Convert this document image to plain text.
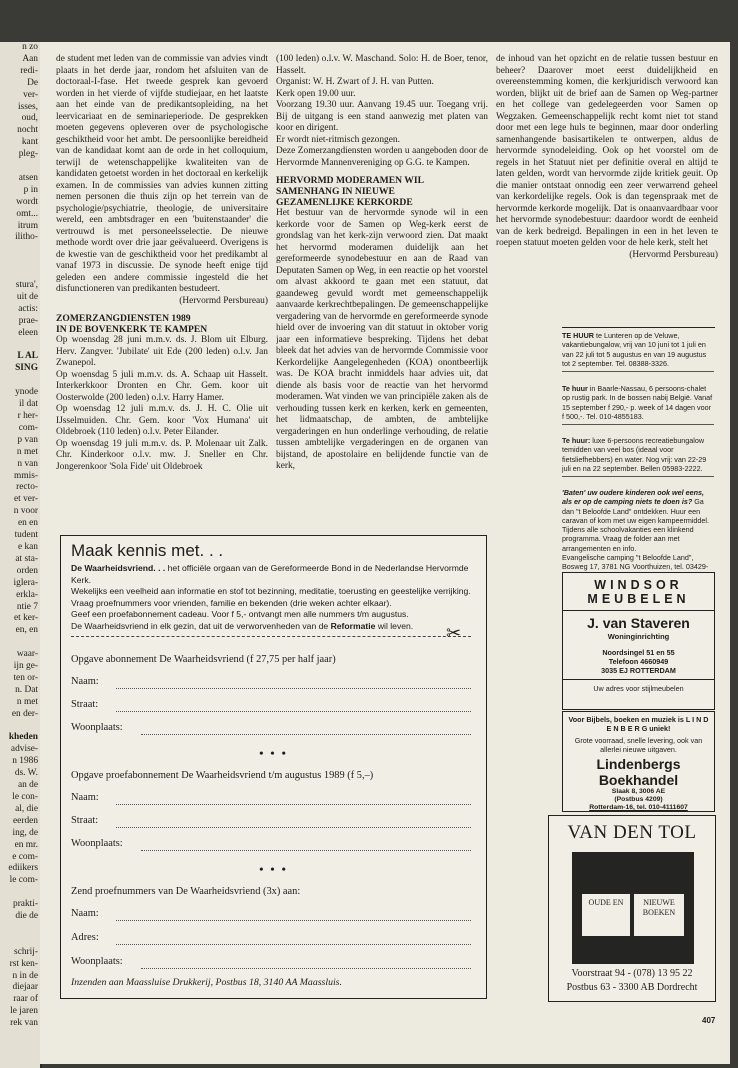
n zo
Aan
redi-
De
ver-
isses,
oud,
nocht
kant
pleg-
atsen
p in
wordt
omt...
itrum
ilitho-
stura',
uit de
actis:
prae-
eleen
L AL
SING
ynode
il dat
r her-
com-
p van
n met
n van
mmis-
recto-
et ver-
n voor
en en
tudent
e kan
at sta-
orden
iglera-
erkla-
ntie 7
et ker-
en, en
waar-
ijn ge-
ten or-
n. Dat
n met
en der-
kheden
advise-
n 1986
ds. W.
an de
le con-
al, die
eerden
ing, de
en mr.
e com-
ediikers
le com-
prakti-
die de
schrij-
rst ken-
n in de
diejaar
raar of
le jaren
rek van

de student met leden van de commissie van advies vindt plaats in het derde jaar, rondom het afsluiten van de doctoraal-I-fase. Het tweede gesprek kan gevoerd worden in het vierde of vijfde studiejaar, en het laatste aan het einde van de predikantsopleiding, na het leervicariaat en de seminarieperiode. De gesprekken moeten gegevens opleveren over de psychologische geschiktheid voor het ambt. De persoonlijke bereidheid van de kandidaat komt aan de orde in het colloquium, terwijl de wetenschappelijke kwaliteiten van de kandidaten getoetst worden in het doctoraal en kerkelijk examen. In de commissies van advies kunnen zitting nemen personen die thuis zijn op het terrein van de psychologie/psychiatrie, theologie, de universitaire wereld, een ambtsdrager en een 'buitenstaander' die vertrouwd is met personeelsselectie. De nieuwe methode wordt over drie jaar geëvalueerd. Overigens is de kwestie van de geschiktheid voor het predikambt al vanaf 1973 in discussie. De synode heeft enige tijd geleden een andere commissie ingesteld die het disfunctioneren van predikanten bestudeert.

(Hervormd Persbureau)

ZOMERZANGDIENSTEN 1989
IN DE BOVENKERK TE KAMPEN

Op woensdag 28 juni m.m.v. ds. J. Blom uit Elburg. Herv. Zangver. 'Jubilate' uit Ede (200 leden) o.l.v. Jan Zwanepol.

Op woensdag 5 juli m.m.v. ds. A. Schaap uit Hasselt. Interkerkkoor Dronten en Chr. Gem. koor uit Oosterwolde (200 leden) o.l.v. Harry Hamer.

Op woensdag 12 juli m.m.v. ds. J. H. C. Olie uit IJsselmuiden. Chr. Gem. koor 'Vox Humana' uit Oldebroek (110 leden) o.l.v. Peter Eilander.

Op woensdag 19 juli m.m.v. ds. P. Molenaar uit Zalk. Chr. Kinderkoor o.l.v. mw. J. Sneller en Chr. Jongerenkoor 'Sola Fide' uit Oldebroek

(100 leden) o.l.v. W. Maschand. Solo: H. de Boer, tenor, Hasselt.

Organist: W. H. Zwart of J. H. van Putten.

Kerk open 19.00 uur.

Voorzang 19.30 uur. Aanvang 19.45 uur. Toegang vrij. Bij de uitgang is een stand aanwezig met platen van koor en dirigent.

Er wordt niet-ritmisch gezongen.

Deze Zomerzangdiensten worden u aangeboden door de Hervormde Mannenvereniging op G.G. te Kampen.

HERVORMD MODERAMEN WIL
SAMENHANG IN NIEUWE
GEZAMENLIJKE KERKORDE

Het bestuur van de hervormde synode wil in een kerkorde voor de Samen op Weg-kerk eerst de grondslag van het kerk-zijn verwoord zien. Dat maakt het hervormd moderamen duidelijk aan het gereformeerde synodebestuur en aan de Raad van Deputaten Samen op Weg, in een reactie op het voorstel om alvast akkoord te gaan met een statuut, dat gaandeweg gevuld wordt met gemeenschappelijk aanvaarde kerkrechtbepalingen. De gemeenschappelijke vergadering van de hervormde en gereformeerde synode hield over de invoering van dit statuut in oktober vorig jaar een informatieve bespreking. Tijdens het debat bleek dat het advies van de hervormde Commissie voor Kerkordelijke Aangelegenheden (KOA) onontbeerlijk was. De KOA bracht inmiddels haar advies uit, dat diende als basis voor de reactie van het hervormd moderamen. Wat vinden we van principiële zaken als de verhouding tussen kerk en kerken, kerk en gemeenten, het lidmaatschap, de ambten, de ambtelijke vergaderingen en hun onderlinge verhouding, de relatie tussen ambtelijke vergaderingen en de organen van bijstand, de apostolaire en belijdende functie van de kerk,

de inhoud van het opzicht en de relatie tussen bestuur en beheer? Daarover moet eerst duidelijkheid en overeenstemming komen, die kerkjuridisch verwoord kan worden, blijkt uit de brief aan de Samen op Weg-partner en het college van gedelegeerden voor Samen op Wegzaken. Gemeenschappelijk recht komt niet tot stand door met een lege huls te beginnen, maar door onderling samenhangende basisartikelen te ontwerpen, aldus de hervormde synodeleiding. Ook op het voorstel om de regels in het Statuut niet per definitie overal en altijd te laten gelden, wordt van hervormde zijde kritiek geuit. Op die manier ontstaat onnodig een zeer verwarrend geheel van kerkordelijke regels. Ook is dan tegenspraak met de hervormde kerkorde mogelijk. Dat is onaanvaardbaar voor het hervormde synodebestuur: daardoor wordt de eenheid van de kerk bedreigd. Bepalingen in een in het leven te roepen statuut moeten gelden voor de hele kerk, stelt het

(Hervormd Persbureau)

Maak kennis met. . .
De Waarheidsvriend. . . het officiële orgaan van de Gereformeerde Bond in de Nederlandse Hervormde Kerk.
Wekelijks een veelheid aan informatie en stof tot bezinning, meditatie, toerusting en geestelijke verrijking.
Vraag proefnummers voor vrienden, familie en bekenden (drie weken achter elkaar).
Geef een proefabonnement cadeau. Voor f 5,- ontvangt men alle nummers t/m augustus.
De Waarheidsvriend in elk gezin, dat uit de verworvenheden van de Reformatie wil leven.	✂
Opgave abonnement De Waarheidsvriend (f 27,75 per half jaar)
Naam:
Straat:
Woonplaats:
• • •
Opgave proefabonnement De Waarheidsvriend t/m augustus 1989 (f 5,–)
Naam:
Straat:
Woonplaats:
• • •
Zend proefnummers van De Waarheidsvriend (3x) aan:
Naam:
Adres:
Woonplaats:
Inzenden aan Maassluise Drukkerij, Postbus 18, 3140 AA Maassluis.
TE HUUR te Lunteren op de Veluwe, vakantiebungalow, vrij van 10 juni tot 1 juli en van 22 juli tot 5 augustus en van 19 augustus tot 2 september. Tel. 08388-3326.
Te huur in Baarle-Nassau, 6 persoons-chalet op rustig park. In de bossen nabij België. Vanaf 15 september f 290,- p. week of 14 dagen voor f 500,-. Tel. 010-4855183.
Te huur: luxe 6-persoons recreatiebungalow temidden van veel bos (ideaal voor fietsliefhebbers) en water. Nog vrij: van 22-29 juli en na 22 september. Bellen 05983-2222.
'Baten' uw oudere kinderen ook wel eens, als er op de camping niets te doen is? Ga dan "t Beloofde Land" ontdekken. Huur een caravan of kom met uw eigen kampeermiddel. Tijdens alle schoolvakanties een klinkend programma. Vraag de folder aan met arrangementen en info.
Evangelische camping "t Beloofde Land", Bosweg 17, 3781 NG Voorthuizen, tel. 03429-
WINDSOR
MEUBELEN
J. van Staveren
Woninginrichting
Noordsingel 51 en 55
Telefoon 4660949
3035 EJ ROTTERDAM
Uw adres voor stijlmeubelen
Voor Bijbels, boeken en muziek is L I N D E N B E R G uniek!
Grote voorraad, snelle levering, ook van allerlei nieuwe uitgaven.
Lindenbergs
Boekhandel
Slaak 8, 3006 AE
(Postbus 4209)
Rotterdam-16, tel. 010-4111607
VAN DEN TOL
OUDE EN	NIEUWE BOEKEN
Voorstraat 94 - (078) 13 95 22
Postbus 63 - 3300 AB Dordrecht
407
